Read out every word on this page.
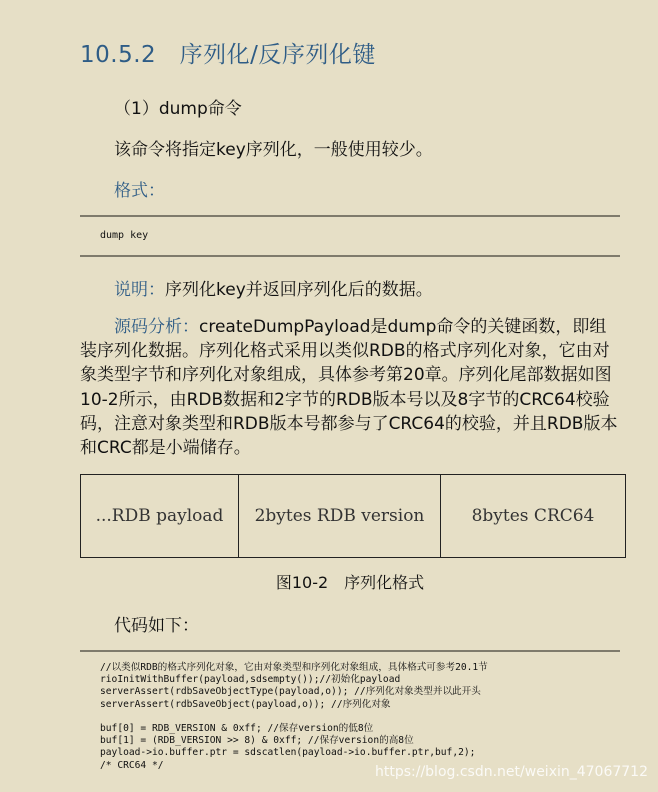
10.5.2　序列化/反序列化键
（1）dump命令
该命令将指定key序列化，一般使用较少。
格式：
dump key
说明：序列化key并返回序列化后的数据。

源码分析：createDumpPayload是dump命令的关键函数，即组装序列化数据。序列化格式采用以类似RDB的格式序列化对象，它由对象类型字节和序列化对象组成，具体参考第20章。序列化尾部数据如图10-2所示，由RDB数据和2字节的RDB版本号以及8字节的CRC64校验码，注意对象类型和RDB版本号都参与了CRC64的校验，并且RDB版本和CRC都是小端储存。

...RDB payload	2bytes RDB version	8bytes CRC64
图10-2　序列化格式
代码如下：
//以类似RDB的格式序列化对象，它由对象类型和序列化对象组成，具体格式可参考20.1节
rioInitWithBuffer(payload,sdsempty());//初始化payload
serverAssert(rdbSaveObjectType(payload,o)); //序列化对象类型并以此开头
serverAssert(rdbSaveObject(payload,o)); //序列化对象

buf[0] = RDB_VERSION & 0xff; //保存version的低8位
buf[1] = (RDB_VERSION >> 8) & 0xff; //保存version的高8位
payload->io.buffer.ptr = sdscatlen(payload->io.buffer.ptr,buf,2);
/* CRC64 */	https://blog.csdn.net/weixin_47067712
